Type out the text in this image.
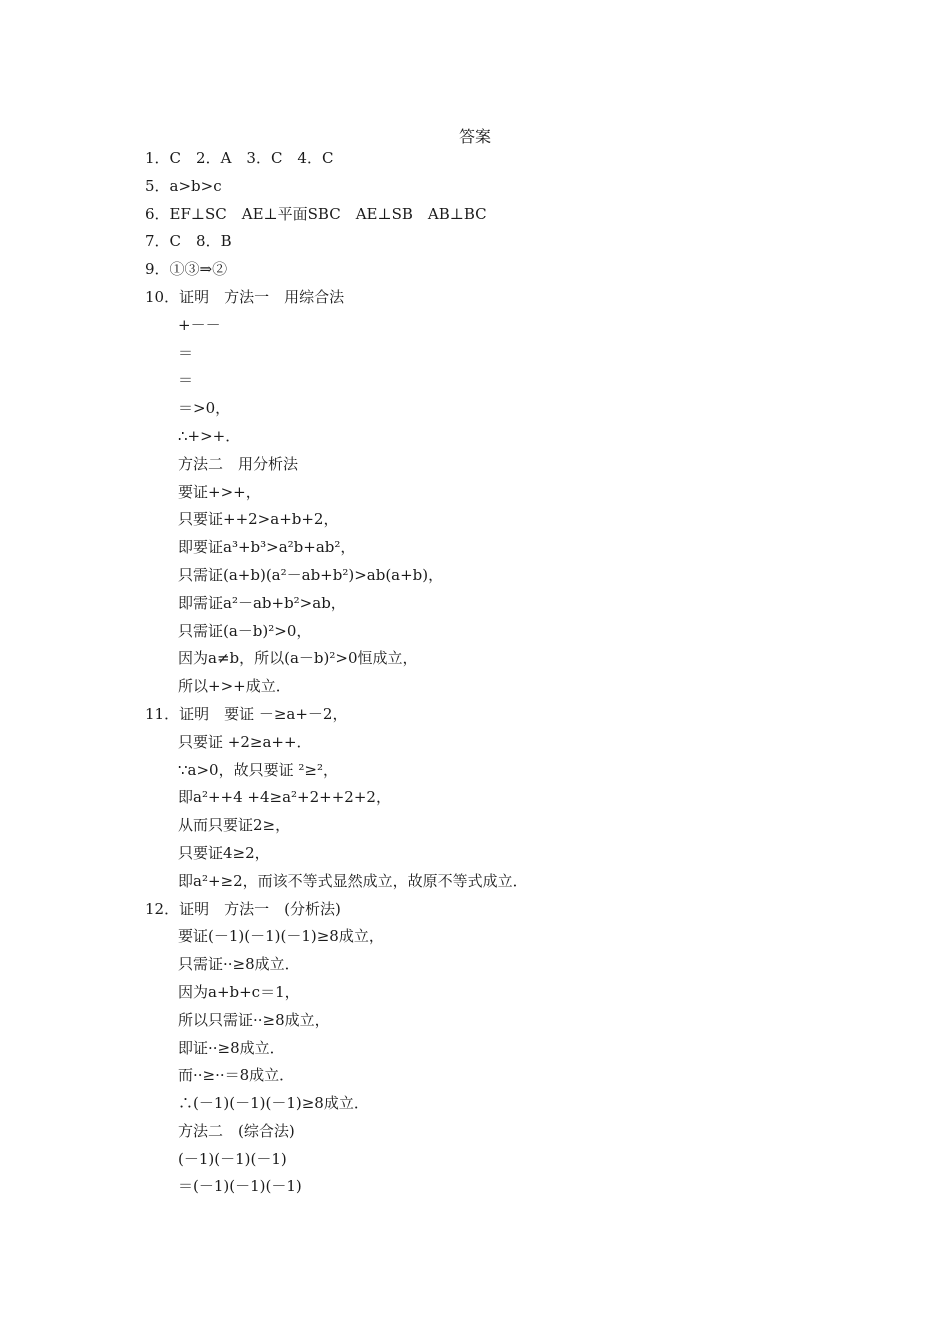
答案
1．C　2．A　3．C　4．C
5．a>b>c
6．EF⊥SC　AE⊥平面SBC　AE⊥SB　AB⊥BC
7．C　8．B
9．①③⇒②
10．证明　方法一　用综合法
+－－
＝
＝
＝>0，
∴+>+．
方法二　用分析法
要证+>+，
只要证++2>a+b+2，
即要证a³+b³>a²b+ab²，
只需证(a+b)(a²－ab+b²)>ab(a+b)，
即需证a²－ab+b²>ab，
只需证(a－b)²>0，
因为a≠b，所以(a－b)²>0恒成立，
所以+>+成立．
11．证明　要证 －≥a+－2，
只要证 +2≥a++．
∵a>0，故只要证 ²≥²，
即a²++4 +4≥a²+2++2+2，
从而只要证2≥，
只要证4≥2，
即a²+≥2，而该不等式显然成立，故原不等式成立．
12．证明　方法一　(分析法)
要证(－1)(－1)(－1)≥8成立，
只需证··≥8成立．
因为a+b+c＝1，
所以只需证··≥8成立，
即证··≥8成立．
而··≥··＝8成立．
∴(－1)(－1)(－1)≥8成立．
方法二　(综合法)
(－1)(－1)(－1)
＝(－1)(－1)(－1)
